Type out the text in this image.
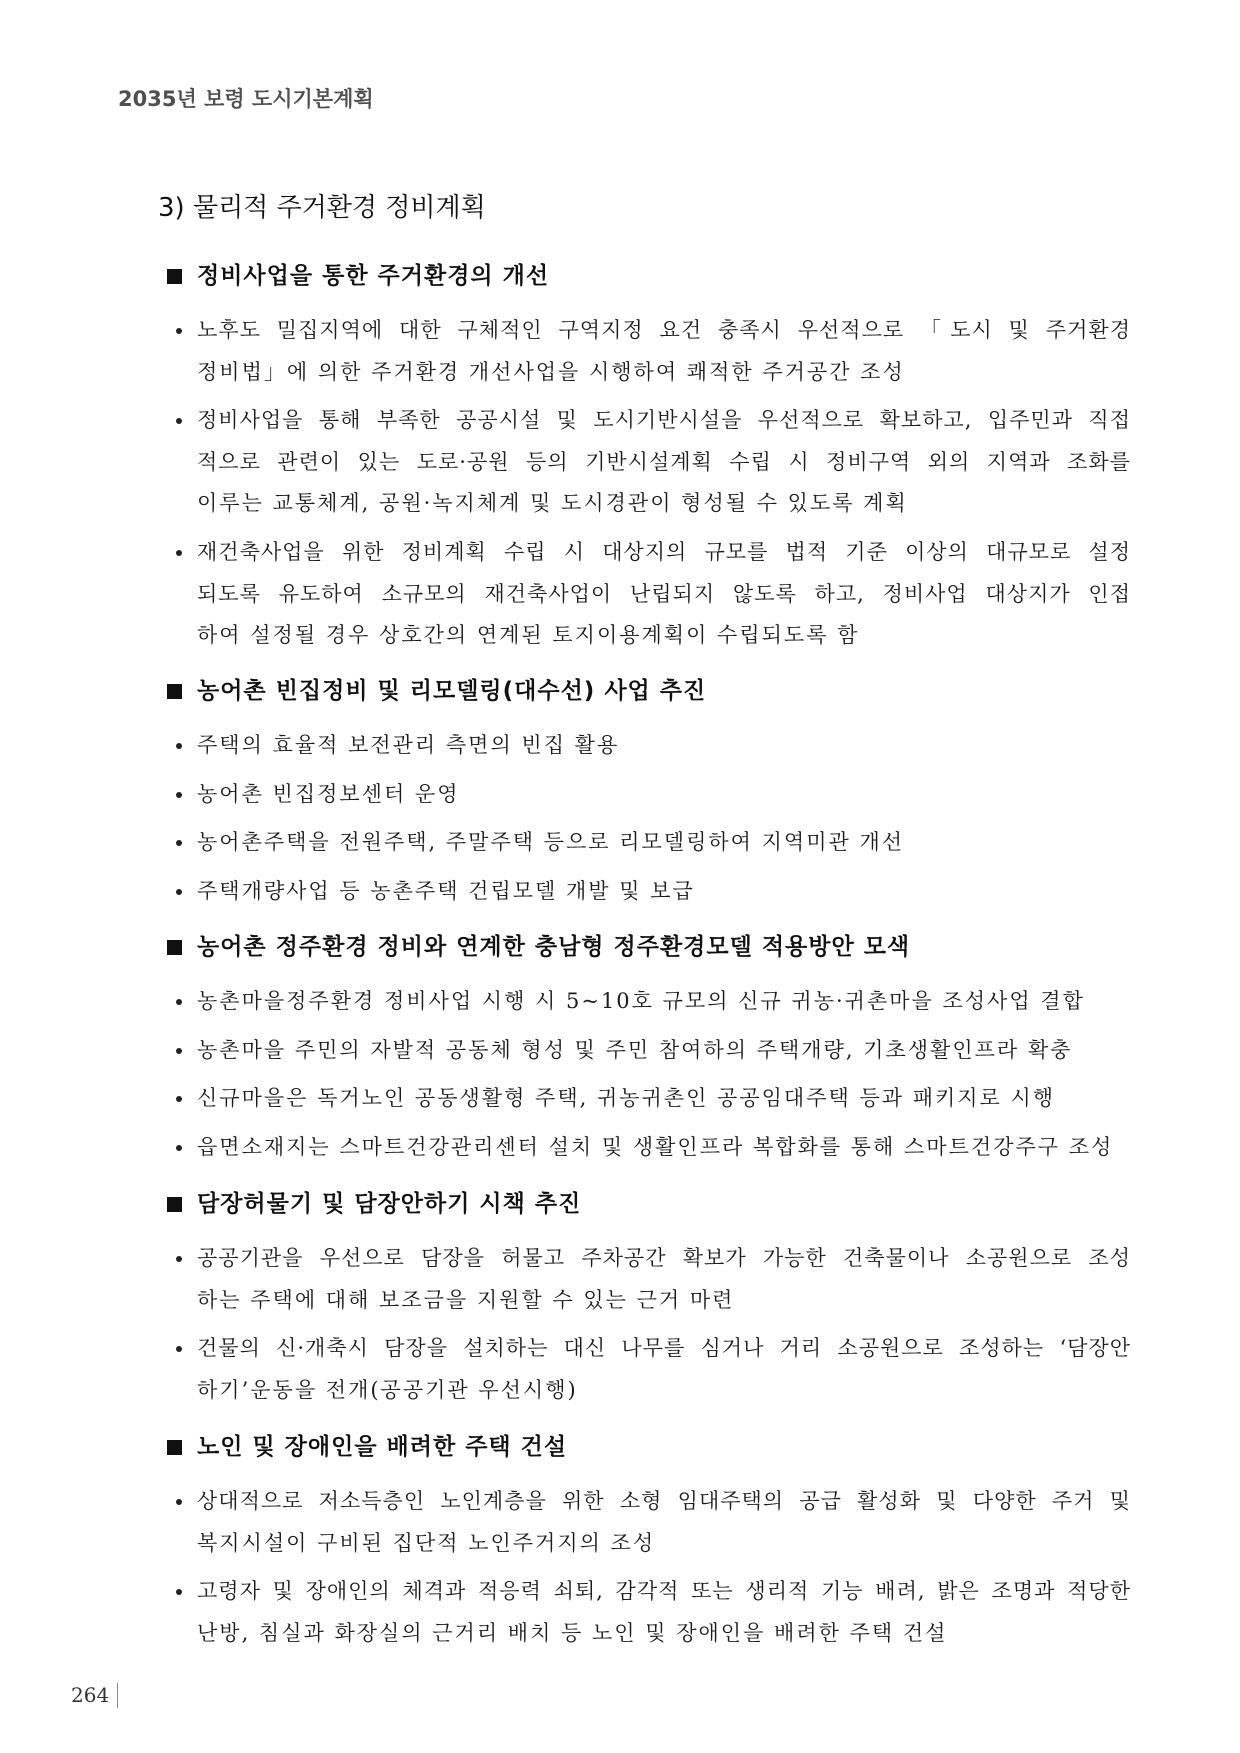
2035년 보령 도시기본계획
3) 물리적 주거환경 정비계획
정비사업을 통한 주거환경의 개선
노후도 밀집지역에 대한 구체적인 구역지정 요건 충족시 우선적으로 「도시 및 주거환경
정비법」에 의한 주거환경 개선사업을 시행하여 쾌적한 주거공간 조성
정비사업을 통해 부족한 공공시설 및 도시기반시설을 우선적으로 확보하고, 입주민과 직접
적으로 관련이 있는 도로·공원 등의 기반시설계획 수립 시 정비구역 외의 지역과 조화를
이루는 교통체계, 공원·녹지체계 및 도시경관이 형성될 수 있도록 계획
재건축사업을 위한 정비계획 수립 시 대상지의 규모를 법적 기준 이상의 대규모로 설정
되도록 유도하여 소규모의 재건축사업이 난립되지 않도록 하고, 정비사업 대상지가 인접
하여 설정될 경우 상호간의 연계된 토지이용계획이 수립되도록 함
농어촌 빈집정비 및 리모델링(대수선) 사업 추진
주택의 효율적 보전관리 측면의 빈집 활용
농어촌 빈집정보센터 운영
농어촌주택을 전원주택, 주말주택 등으로 리모델링하여 지역미관 개선
주택개량사업 등 농촌주택 건립모델 개발 및 보급
농어촌 정주환경 정비와 연계한 충남형 정주환경모델 적용방안 모색
농촌마을정주환경 정비사업 시행 시 5~10호 규모의 신규 귀농·귀촌마을 조성사업 결합
농촌마을 주민의 자발적 공동체 형성 및 주민 참여하의 주택개량, 기초생활인프라 확충
신규마을은 독거노인 공동생활형 주택, 귀농귀촌인 공공임대주택 등과 패키지로 시행
읍면소재지는 스마트건강관리센터 설치 및 생활인프라 복합화를 통해 스마트건강주구 조성
담장허물기 및 담장안하기 시책 추진
공공기관을 우선으로 담장을 허물고 주차공간 확보가 가능한 건축물이나 소공원으로 조성
하는 주택에 대해 보조금을 지원할 수 있는 근거 마련
건물의 신·개축시 담장을 설치하는 대신 나무를 심거나 거리 소공원으로 조성하는 ‘담장안
하기’운동을 전개(공공기관 우선시행)
노인 및 장애인을 배려한 주택 건설
상대적으로 저소득층인 노인계층을 위한 소형 임대주택의 공급 활성화 및 다양한 주거 및
복지시설이 구비된 집단적 노인주거지의 조성
고령자 및 장애인의 체격과 적응력 쇠퇴, 감각적 또는 생리적 기능 배려, 밝은 조명과 적당한
난방, 침실과 화장실의 근거리 배치 등 노인 및 장애인을 배려한 주택 건설
264
